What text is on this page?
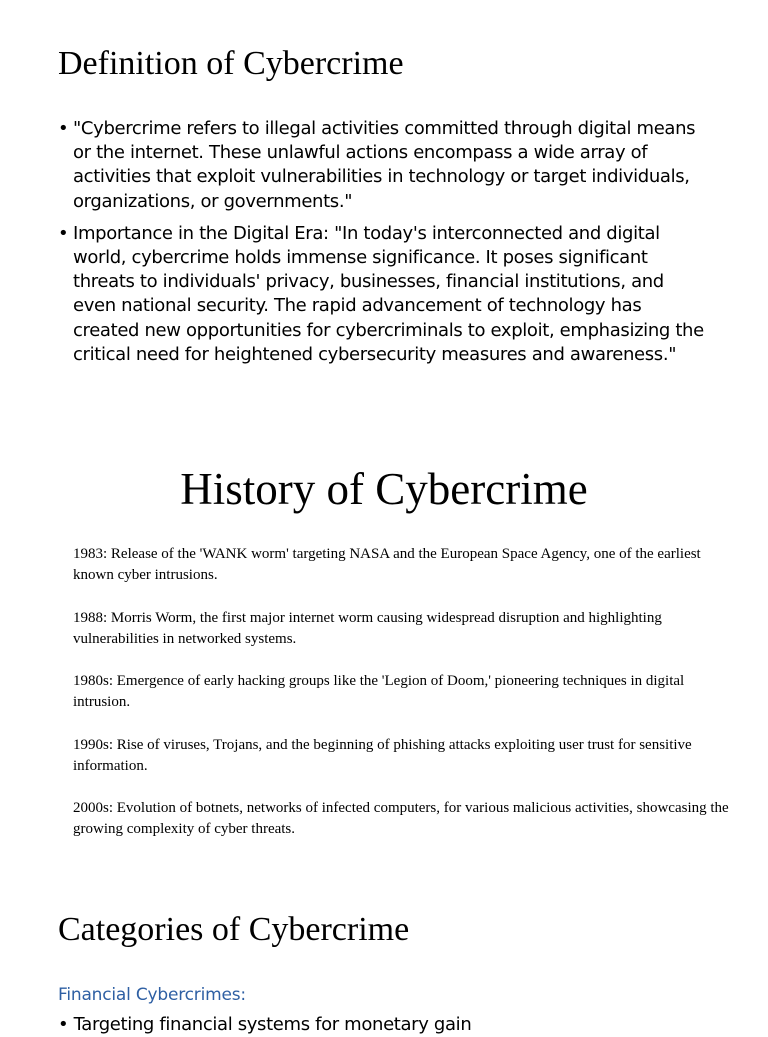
Definition of Cybercrime
• "Cybercrime refers to illegal activities committed through digital means or the internet. These unlawful actions encompass a wide array of activities that exploit vulnerabilities in technology or target individuals, organizations, or governments."
• Importance in the Digital Era: "In today's interconnected and digital world, cybercrime holds immense significance. It poses significant threats to individuals' privacy, businesses, financial institutions, and even national security. The rapid advancement of technology has created new opportunities for cybercriminals to exploit, emphasizing the critical need for heightened cybersecurity measures and awareness."
History of Cybercrime

1983: Release of the 'WANK worm' targeting NASA and the European Space Agency, one of the earliest known cyber intrusions.

1988: Morris Worm, the first major internet worm causing widespread disruption and highlighting vulnerabilities in networked systems.

1980s: Emergence of early hacking groups like the 'Legion of Doom,' pioneering techniques in digital intrusion.

1990s: Rise of viruses, Trojans, and the beginning of phishing attacks exploiting user trust for sensitive information.

2000s: Evolution of botnets, networks of infected computers, for various malicious activities, showcasing the growing complexity of cyber threats.

Categories of Cybercrime
Financial Cybercrimes:
• Targeting financial systems for monetary gain
